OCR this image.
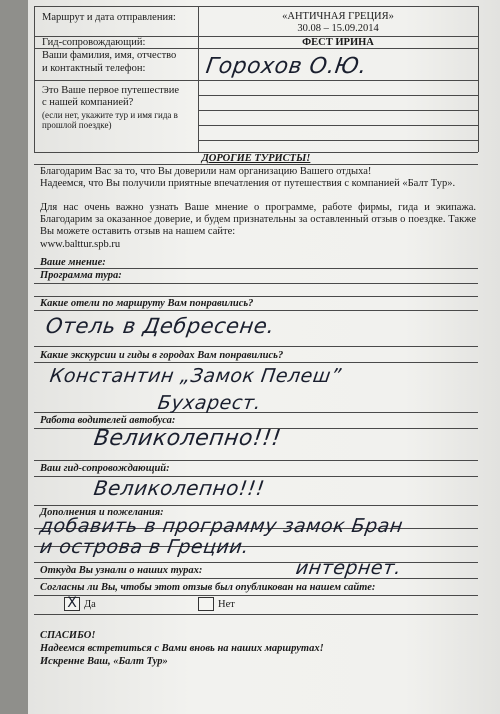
Маршрут и дата отправления:	«АНТИЧНАЯ ГРЕЦИЯ»
30.08 – 15.09.2014
Гид-сопровождающий:	ФЕСТ ИРИНА
Ваши фамилия, имя, отчество
и контактный телефон:	Горохов О.Ю.
Это Ваше первое путешествие
с нашей компанией?
(если нет, укажите тур и имя гида в
прошлой поездке)
ДОРОГИЕ ТУРИСТЫ!
Благодарим Вас за то, что Вы доверили нам организацию Вашего отдыха!
Надеемся, что Вы получили приятные впечатления от путешествия с компанией «Балт Тур».
Для нас очень важно узнать Ваше мнение о программе, работе фирмы, гида и экипажа. Благодарим за оказанное доверие, и будем признательны за оставленный отзыв о поездке. Также Вы можете оставить отзыв на нашем сайте:
www.balttur.spb.ru
Ваше мнение:
Программа тура:
Какие отели по маршруту Вам понравились?
Отель в Дебресене.
Какие экскурсии и гиды в городах Вам понравились?
Константин „Замок Пелеш”
Бухарест.
Работа водителей автобуса:
Великолепно!!!
Ваш гид-сопровождающий:
Великолепно!!!
Дополнения и пожелания:
добавить в программу замок Бран
и острова в Греции.
Откуда Вы узнали о наших турах:	интернет.
Согласны ли Вы, чтобы этот отзыв был опубликован на нашем сайте:
X Да	Нет
СПАСИБО!
Надеемся встретиться с Вами вновь на наших маршрутах!
Искренне Ваш, «Балт Тур»
